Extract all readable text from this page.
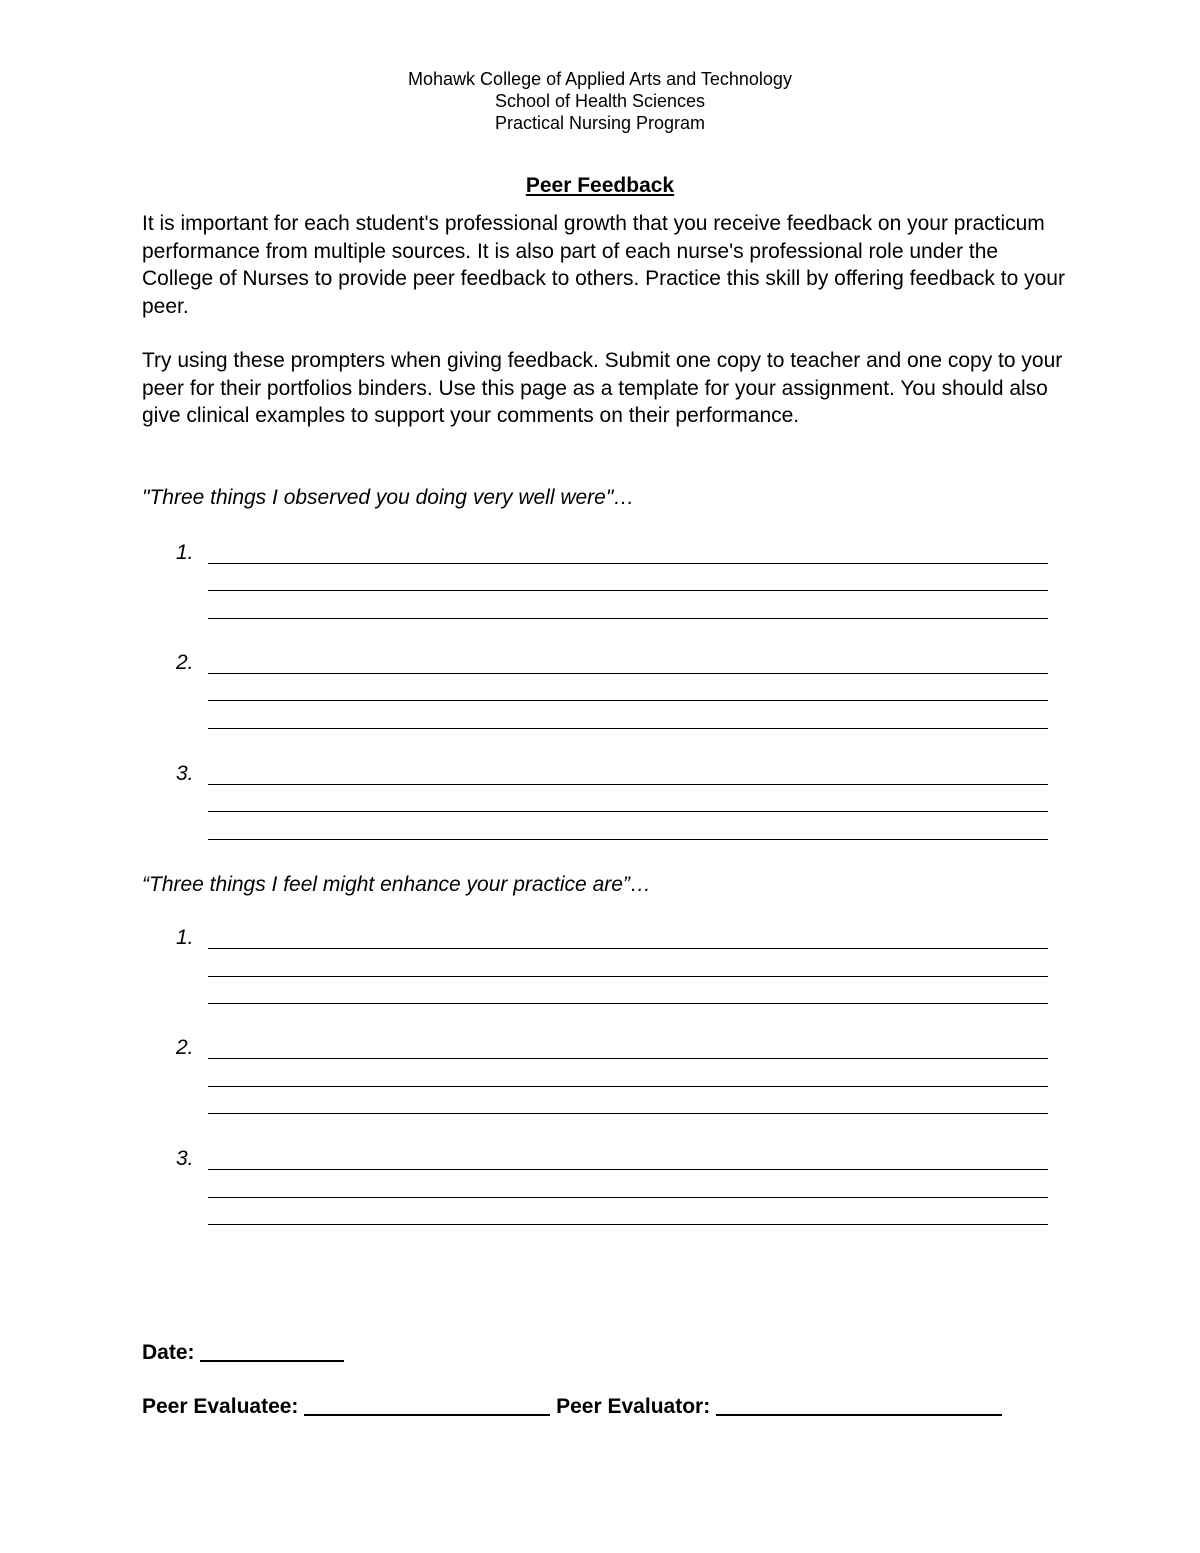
Mohawk College of Applied Arts and Technology
School of Health Sciences
Practical Nursing Program
Peer Feedback

It is important for each student's professional growth that you receive feedback on your practicum performance from multiple sources. It is also part of each nurse's professional role under the College of Nurses to provide peer feedback to others. Practice this skill by offering feedback to your peer.

Try using these prompters when giving feedback. Submit one copy to teacher and one copy to your peer for their portfolios binders. Use this page as a template for your assignment. You should also give clinical examples to support your comments on their performance.

"Three things I observed you doing very well were"…
1.
2.
3.
“Three things I feel might enhance your practice are”…
1.
2.
3.
Date:
Peer Evaluatee:	Peer Evaluator:
